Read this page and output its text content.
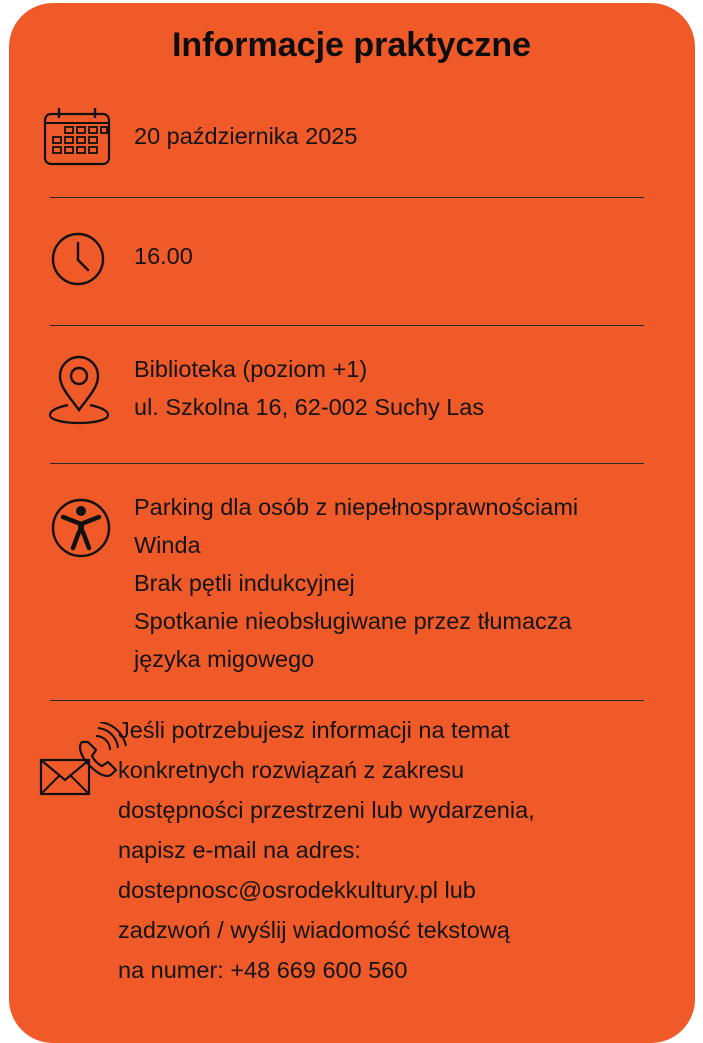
Informacje praktyczne
20 października 2025
16.00
Biblioteka (poziom +1)
ul. Szkolna 16, 62-002 Suchy Las
Parking dla osób z niepełnosprawnościami
Winda
Brak pętli indukcyjnej
Spotkanie nieobsługiwane przez tłumacza
języka migowego
Jeśli potrzebujesz informacji na temat
konkretnych rozwiązań z zakresu
dostępności przestrzeni lub wydarzenia,
napisz e-mail na adres:
dostepnosc@osrodekkultury.pl lub
zadzwoń / wyślij wiadomość tekstową
na numer: +48 669 600 560
